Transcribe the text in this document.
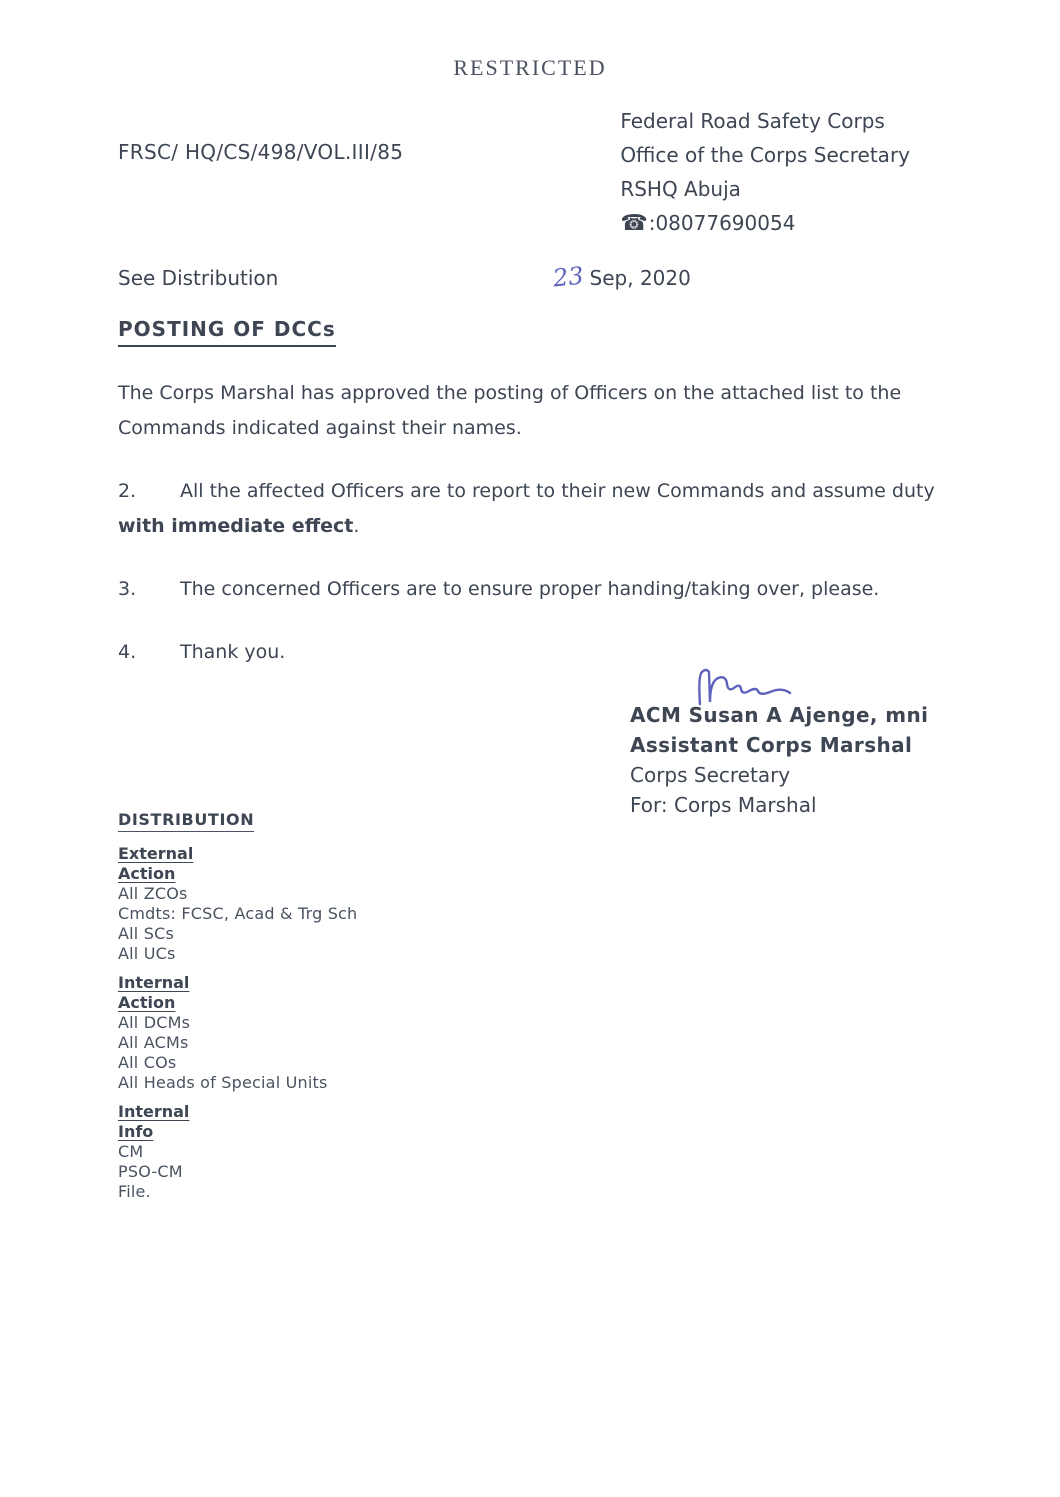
RESTRICTED
FRSC/ HQ/CS/498/VOL.III/85
Federal Road Safety Corps
Office of the Corps Secretary
RSHQ Abuja
☎:08077690054
See Distribution	23 Sep, 2020
POSTING OF DCCs

The Corps Marshal has approved the posting of Officers on the attached list to the Commands indicated against their names.

2. All the affected Officers are to report to their new Commands and assume duty with immediate effect.

3. The concerned Officers are to ensure proper handing/taking over, please.

4. Thank you.

ACM Susan A Ajenge, mni
Assistant Corps Marshal
Corps Secretary
For: Corps Marshal
DISTRIBUTION
External
Action
All ZCOs
Cmdts: FCSC, Acad & Trg Sch
All SCs
All UCs
Internal
Action
All DCMs
All ACMs
All COs
All Heads of Special Units
Internal
Info
CM
PSO-CM
File.
